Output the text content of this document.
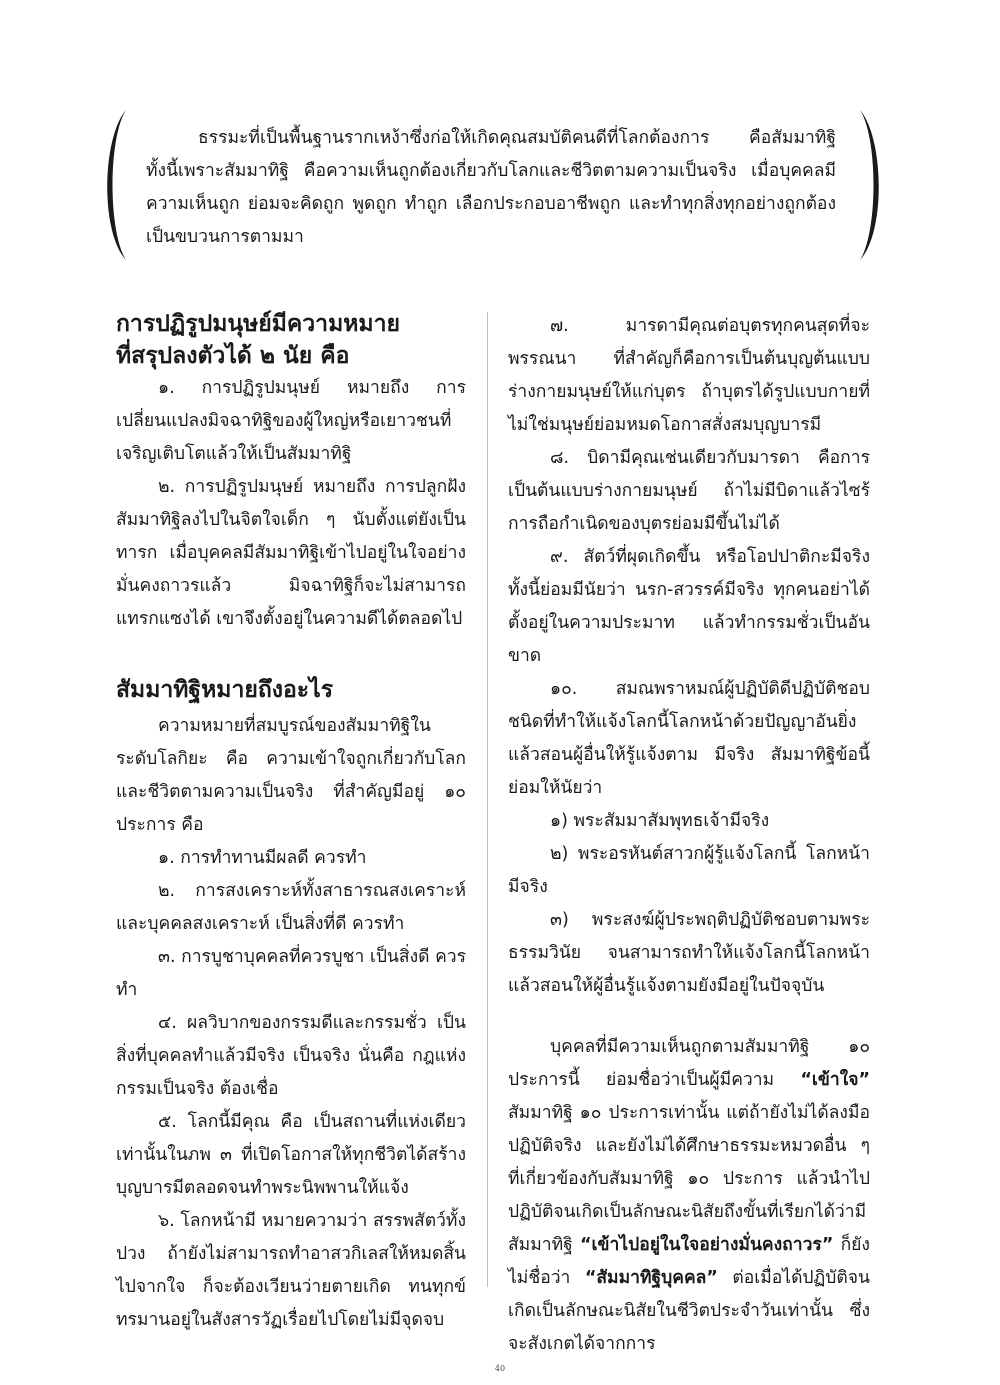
ธรรมะที่เป็นพื้นฐานรากเหง้าซึ่งก่อให้เกิดคุณสมบัติคนดีที่โลกต้องการ คือสัมมาทิฐิ ทั้งนี้เพราะสัมมาทิฐิ คือความเห็นถูกต้องเกี่ยวกับโลกและชีวิตตามความเป็นจริง เมื่อบุคคลมีความเห็นถูก ย่อมจะคิดถูก พูดถูก ทำถูก เลือกประกอบอาชีพถูก และทำทุกสิ่งทุกอย่างถูกต้องเป็นขบวนการตามมา

การปฏิรูปมนุษย์มีความหมาย

ที่สรุปลงตัวได้ ๒ นัย คือ

๑. การปฏิรูปมนุษย์ หมายถึง การเปลี่ยนแปลงมิจฉาทิฐิของผู้ใหญ่หรือเยาวชนที่เจริญเติบโตแล้วให้เป็นสัมมาทิฐิ

๒. การปฏิรูปมนุษย์ หมายถึง การปลูกฝังสัมมาทิฐิลงไปในจิตใจเด็ก ๆ นับตั้งแต่ยังเป็นทารก เมื่อบุคคลมีสัมมาทิฐิเข้าไปอยู่ในใจอย่างมั่นคงถาวรแล้ว มิจฉาทิฐิก็จะไม่สามารถแทรกแซงได้ เขาจึงตั้งอยู่ในความดีได้ตลอดไป

สัมมาทิฐิหมายถึงอะไร

ความหมายที่สมบูรณ์ของสัมมาทิฐิในระดับโลกิยะ คือ ความเข้าใจถูกเกี่ยวกับโลกและชีวิตตามความเป็นจริง ที่สำคัญมีอยู่ ๑๐ ประการ คือ

๑. การทำทานมีผลดี ควรทำ

๒. การสงเคราะห์ทั้งสาธารณสงเคราะห์ และบุคคลสงเคราะห์ เป็นสิ่งที่ดี ควรทำ

๓. การบูชาบุคคลที่ควรบูชา เป็นสิ่งดี ควรทำ

๔. ผลวิบากของกรรมดีและกรรมชั่ว เป็นสิ่งที่บุคคลทำแล้วมีจริง เป็นจริง นั่นคือ กฎแห่งกรรมเป็นจริง ต้องเชื่อ

๕. โลกนี้มีคุณ คือ เป็นสถานที่แห่งเดียวเท่านั้นในภพ ๓ ที่เปิดโอกาสให้ทุกชีวิตได้สร้างบุญบารมีตลอดจนทำพระนิพพานให้แจ้ง

๖. โลกหน้ามี หมายความว่า สรรพสัตว์ทั้งปวง ถ้ายังไม่สามารถทำอาสวกิเลสให้หมดสิ้นไปจากใจ ก็จะต้องเวียนว่ายตายเกิด ทนทุกข์ทรมานอยู่ในสังสารวัฏเรื่อยไปโดยไม่มีจุดจบ

๗. มารดามีคุณต่อบุตรทุกคนสุดที่จะพรรณนา ที่สำคัญก็คือการเป็นต้นบุญต้นแบบร่างกายมนุษย์ให้แก่บุตร ถ้าบุตรได้รูปแบบกายที่ไม่ใช่มนุษย์ย่อมหมดโอกาสสั่งสมบุญบารมี

๘. บิดามีคุณเช่นเดียวกับมารดา คือการเป็นต้นแบบร่างกายมนุษย์ ถ้าไม่มีบิดาแล้วไซร้ การถือกำเนิดของบุตรย่อมมีขึ้นไม่ได้

๙. สัตว์ที่ผุดเกิดขึ้น หรือโอปปาติกะมีจริง ทั้งนี้ย่อมมีนัยว่า นรก-สวรรค์มีจริง ทุกคนอย่าได้ตั้งอยู่ในความประมาท แล้วทำกรรมชั่วเป็นอันขาด

๑๐. สมณพราหมณ์ผู้ปฏิบัติดีปฏิบัติชอบ ชนิดที่ทำให้แจ้งโลกนี้โลกหน้าด้วยปัญญาอันยิ่ง แล้วสอนผู้อื่นให้รู้แจ้งตาม มีจริง สัมมาทิฐิข้อนี้ย่อมให้นัยว่า

๑) พระสัมมาสัมพุทธเจ้ามีจริง

๒) พระอรหันต์สาวกผู้รู้แจ้งโลกนี้ โลกหน้ามีจริง

๓) พระสงฆ์ผู้ประพฤติปฏิบัติชอบตามพระธรรมวินัย จนสามารถทำให้แจ้งโลกนี้โลกหน้าแล้วสอนให้ผู้อื่นรู้แจ้งตามยังมีอยู่ในปัจจุบัน

บุคคลที่มีความเห็นถูกตามสัมมาทิฐิ ๑๐ ประการนี้ ย่อมชื่อว่าเป็นผู้มีความ “เข้าใจ” สัมมาทิฐิ ๑๐ ประการเท่านั้น แต่ถ้ายังไม่ได้ลงมือปฏิบัติจริง และยังไม่ได้ศึกษาธรรมะหมวดอื่น ๆ ที่เกี่ยวข้องกับสัมมาทิฐิ ๑๐ ประการ แล้วนำไปปฏิบัติจนเกิดเป็นลักษณะนิสัยถึงขั้นที่เรียกได้ว่ามีสัมมาทิฐิ “เข้าไปอยู่ในใจอย่างมั่นคงถาวร” ก็ยังไม่ชื่อว่า “สัมมาทิฐิบุคคล” ต่อเมื่อได้ปฏิบัติจนเกิดเป็นลักษณะนิสัยในชีวิตประจำวันเท่านั้น ซึ่งจะสังเกตได้จากการ

40
